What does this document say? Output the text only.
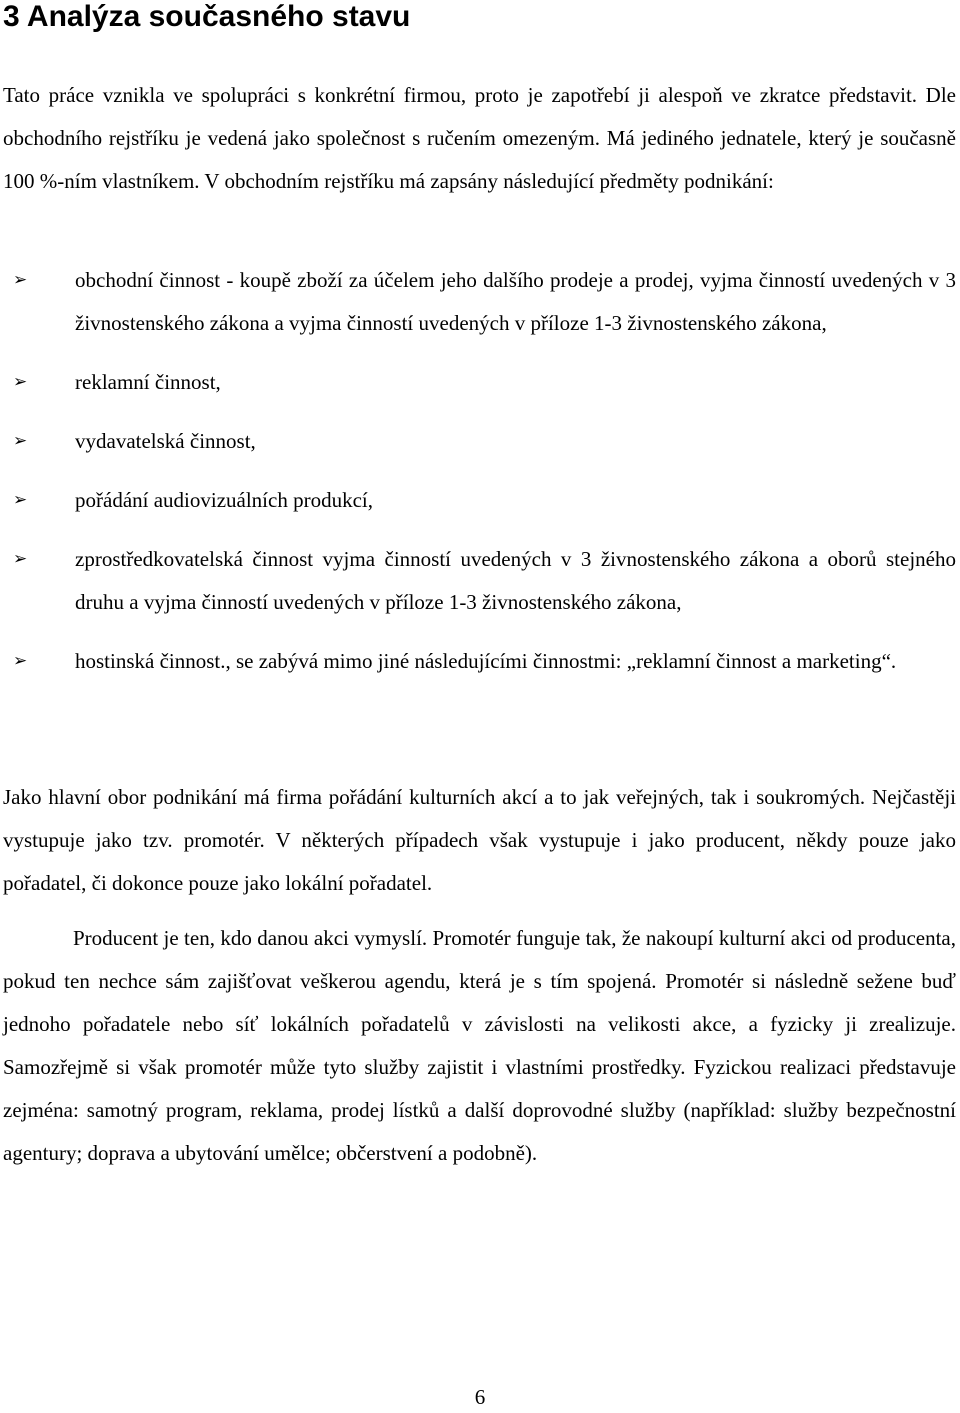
3 Analýza současného stavu

Tato práce vznikla ve spolupráci s konkrétní firmou, proto je zapotřebí ji alespoň ve zkratce představit. Dle obchodního rejstříku je vedená jako společnost s ručením omezeným. Má jediného jednatele, který je současně 100 %-ním vlastníkem. V obchodním rejstříku má zapsány následující předměty podnikání:

➢ obchodní činnost - koupě zboží za účelem jeho dalšího prodeje a prodej, vyjma činností uvedených v 3 živnostenského zákona a vyjma činností uvedených v příloze 1-3 živnostenského zákona,
➢ reklamní činnost,
➢ vydavatelská činnost,
➢ pořádání audiovizuálních produkcí,
➢ zprostředkovatelská činnost vyjma činností uvedených v 3 živnostenského zákona a oborů stejného druhu a vyjma činností uvedených v příloze 1-3 živnostenského zákona,
➢ hostinská činnost., se zabývá mimo jiné následujícími činnostmi: „reklamní činnost a marketing“.

Jako hlavní obor podnikání má firma pořádání kulturních akcí a to jak veřejných, tak i soukromých. Nejčastěji vystupuje jako tzv. promotér. V některých případech však vystupuje i jako producent, někdy pouze jako pořadatel, či dokonce pouze jako lokální pořadatel.

Producent je ten, kdo danou akci vymyslí. Promotér funguje tak, že nakoupí kulturní akci od producenta, pokud ten nechce sám zajišťovat veškerou agendu, která je s tím spojená. Promotér si následně sežene buď jednoho pořadatele nebo síť lokálních pořadatelů v závislosti na velikosti akce, a fyzicky ji zrealizuje. Samozřejmě si však promotér může tyto služby zajistit i vlastními prostředky. Fyzickou realizaci představuje zejména: samotný program, reklama, prodej lístků a další doprovodné služby (například: služby bezpečnostní agentury; doprava a ubytování umělce; občerstvení a podobně).

6
